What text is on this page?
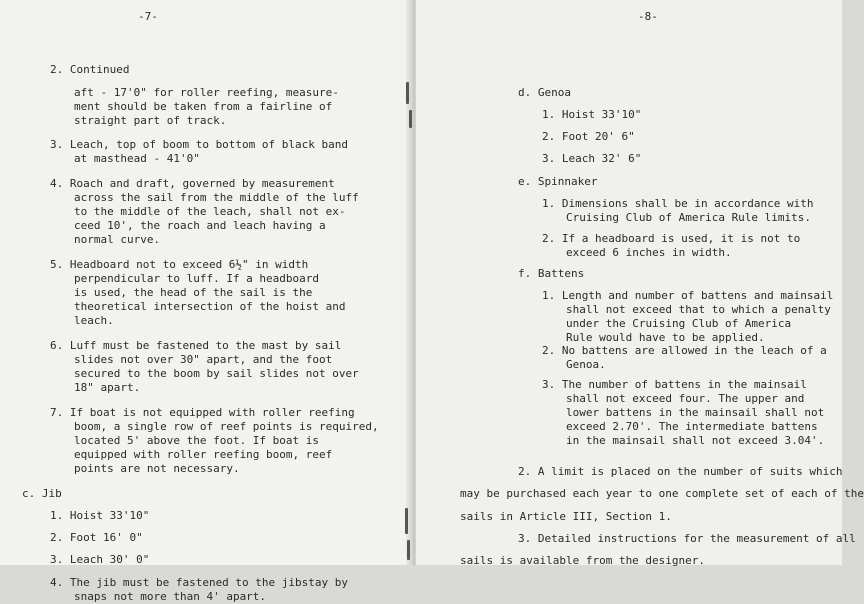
-7-
2. Continued
aft - 17'0" for roller reefing, measure-
ment should be taken from a fairline of
straight part of track.
3. Leach, top of boom to bottom of black band
at masthead - 41'0"
4. Roach and draft, governed by measurement
across the sail from the middle of the luff
to the middle of the leach, shall not ex-
ceed 10', the roach and leach having a
normal curve.
5. Headboard not to exceed 6½" in width
perpendicular to luff. If a headboard
is used, the head of the sail is the
theoretical intersection of the hoist and
leach.
6. Luff must be fastened to the mast by sail
slides not over 30" apart, and the foot
secured to the boom by sail slides not over
18" apart.
7. If boat is not equipped with roller reefing
boom, a single row of reef points is required,
located 5' above the foot. If boat is
equipped with roller reefing boom, reef
points are not necessary.
c. Jib
1. Hoist 33'10"
2. Foot 16' 0"
3. Leach 30' 0"
4. The jib must be fastened to the jibstay by
snaps not more than 4' apart.
-8-
d. Genoa
1. Hoist 33'10"
2. Foot 20' 6"
3. Leach 32' 6"
e. Spinnaker
1. Dimensions shall be in accordance with
Cruising Club of America Rule limits.
2. If a headboard is used, it is not to
exceed 6 inches in width.
f. Battens
1. Length and number of battens and mainsail
shall not exceed that to which a penalty
under the Cruising Club of America
Rule would have to be applied.
2. No battens are allowed in the leach of a
Genoa.
3. The number of battens in the mainsail
shall not exceed four. The upper and
lower battens in the mainsail shall not
exceed 2.70'. The intermediate battens
in the mainsail shall not exceed 3.04'.
2. A limit is placed on the number of suits which
may be purchased each year to one complete set of each of the
sails in Article III, Section 1.
3. Detailed instructions for the measurement of all
sails is available from the designer.
